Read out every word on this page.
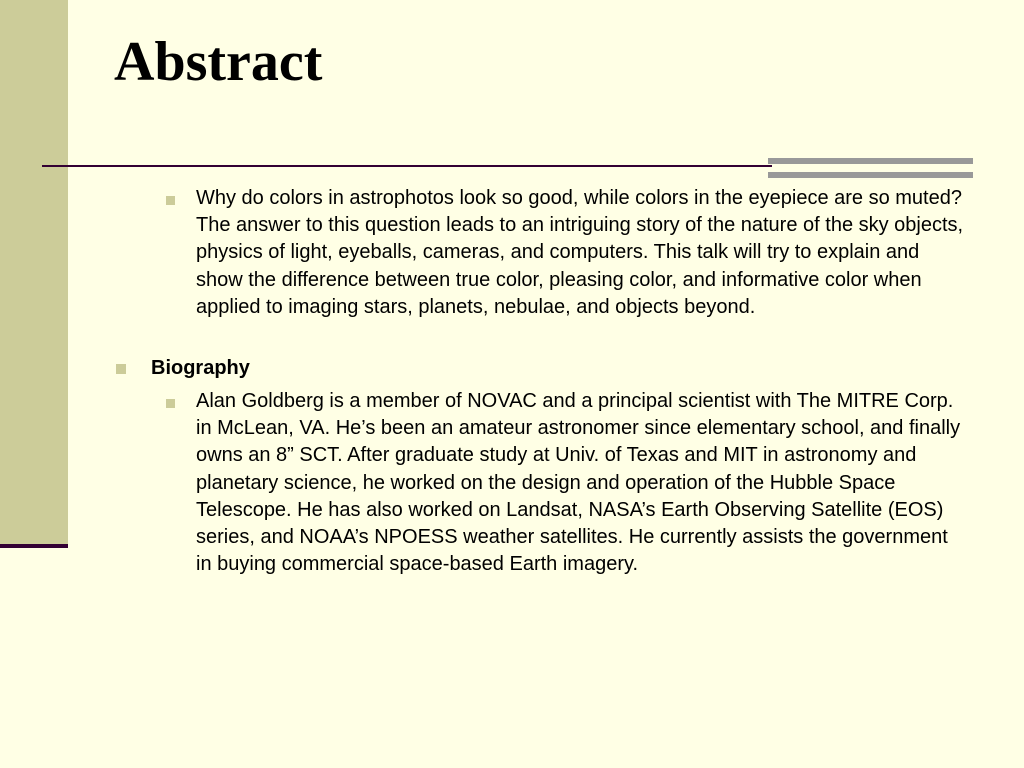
Abstract
Why do colors in astrophotos look so good, while colors in the eyepiece are so muted? The answer to this question leads to an intriguing story of the nature of the sky objects, physics of light, eyeballs, cameras, and computers. This talk will try to explain and show the difference between true color, pleasing color, and informative color when applied to imaging stars, planets, nebulae, and objects beyond.
Biography
Alan Goldberg is a member of NOVAC and a principal scientist with The MITRE Corp. in McLean, VA. He’s been an amateur astronomer since elementary school, and finally owns an 8” SCT. After graduate study at Univ. of Texas and MIT in astronomy and planetary science, he worked on the design and operation of the Hubble Space Telescope. He has also worked on Landsat, NASA’s Earth Observing Satellite (EOS) series, and NOAA’s NPOESS weather satellites. He currently assists the government in buying commercial space-based Earth imagery.
